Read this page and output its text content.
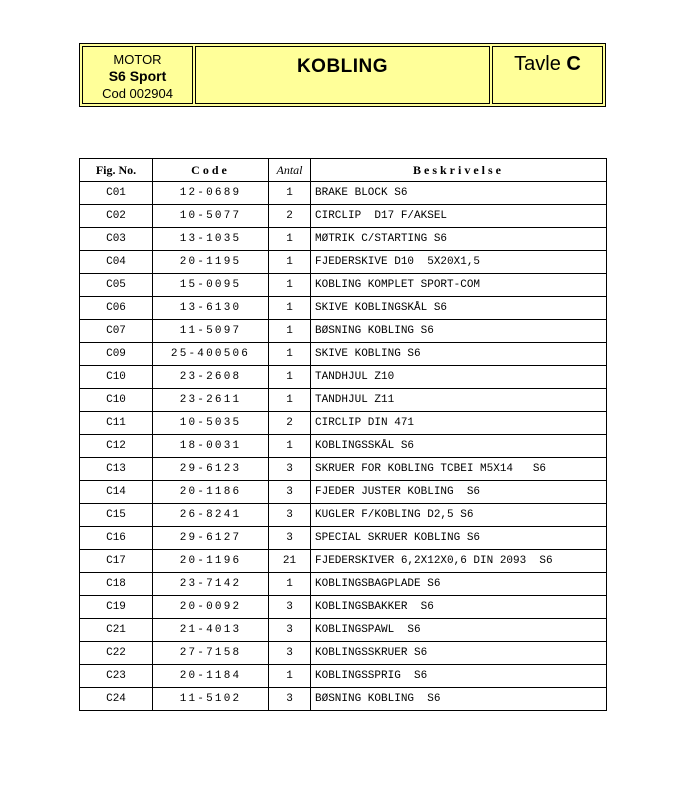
MOTOR
S6 Sport
Cod 002904
KOBLING	Tavle C
Fig. No.	Code	Antal	Beskrivelse
C01	12-0689	1	BRAKE BLOCK S6
C02	10-5077	2	CIRCLIP  D17 F/AKSEL
C03	13-1035	1	MØTRIK C/STARTING S6
C04	20-1195	1	FJEDERSKIVE D10  5X20X1,5
C05	15-0095	1	KOBLING KOMPLET SPORT-COM
C06	13-6130	1	SKIVE KOBLINGSKÅL S6
C07	11-5097	1	BØSNING KOBLING S6
C09	25-400506	1	SKIVE KOBLING S6
C10	23-2608	1	TANDHJUL Z10
C10	23-2611	1	TANDHJUL Z11
C11	10-5035	2	CIRCLIP DIN 471
C12	18-0031	1	KOBLINGSSKÅL S6
C13	29-6123	3	SKRUER FOR KOBLING TCBEI M5X14   S6
C14	20-1186	3	FJEDER JUSTER KOBLING  S6
C15	26-8241	3	KUGLER F/KOBLING D2,5 S6
C16	29-6127	3	SPECIAL SKRUER KOBLING S6
C17	20-1196	21	FJEDERSKIVER 6,2X12X0,6 DIN 2093  S6
C18	23-7142	1	KOBLINGSBAGPLADE S6
C19	20-0092	3	KOBLINGSBAKKER  S6
C21	21-4013	3	KOBLINGSPAWL  S6
C22	27-7158	3	KOBLINGSSKRUER S6
C23	20-1184	1	KOBLINGSSPRIG  S6
C24	11-5102	3	BØSNING KOBLING  S6
